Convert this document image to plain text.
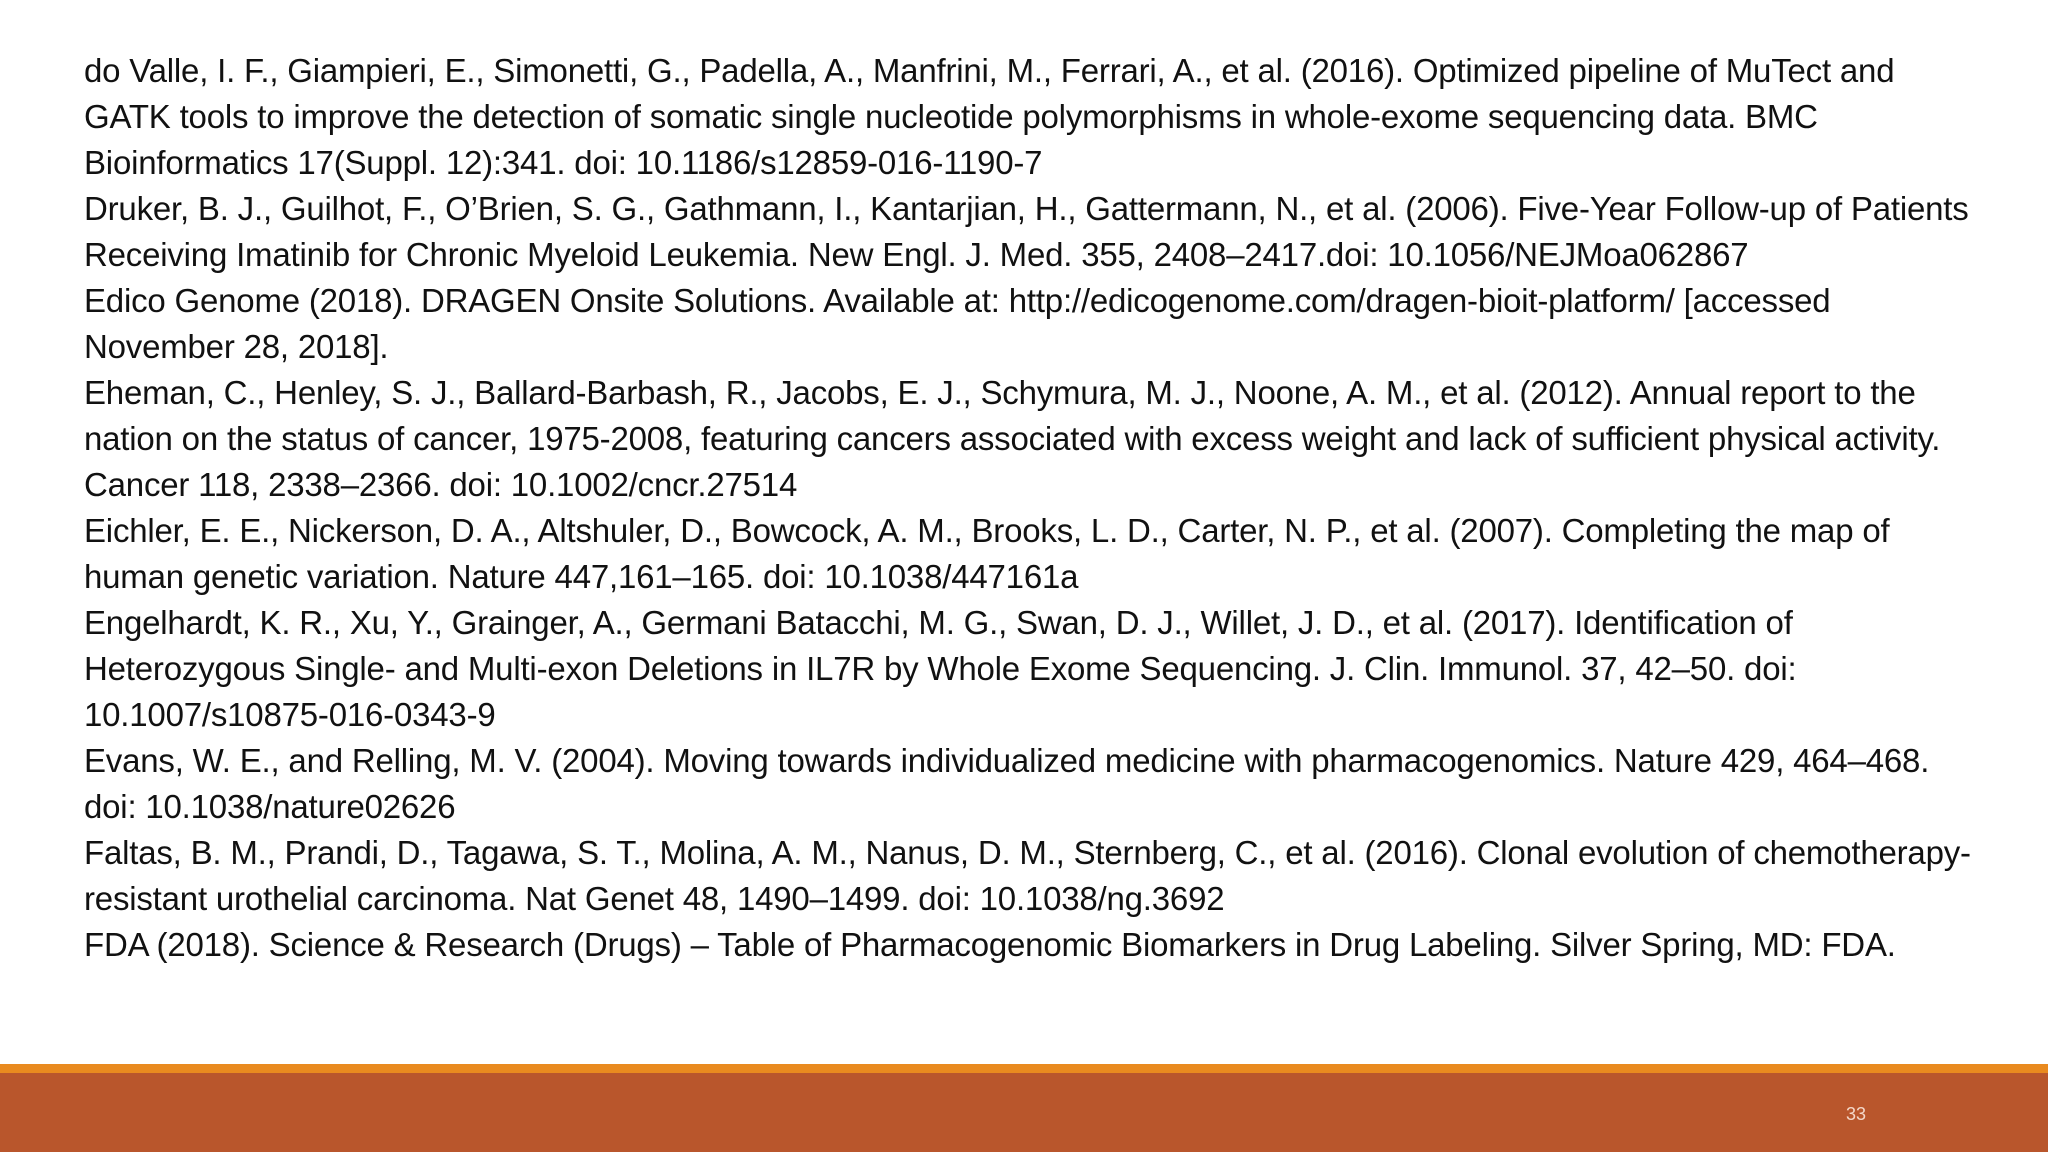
do Valle, I. F., Giampieri, E., Simonetti, G., Padella, A., Manfrini, M., Ferrari, A., et al. (2016). Optimized pipeline of MuTect and GATK tools to improve the detection of somatic single nucleotide polymorphisms in whole-exome sequencing data. BMC Bioinformatics 17(Suppl. 12):341. doi: 10.1186/s12859-016-1190-7
Druker, B. J., Guilhot, F., O’Brien, S. G., Gathmann, I., Kantarjian, H., Gattermann, N., et al. (2006). Five-Year Follow-up of Patients Receiving Imatinib for Chronic Myeloid Leukemia. New Engl. J. Med. 355, 2408–2417.doi: 10.1056/NEJMoa062867
Edico Genome (2018). DRAGEN Onsite Solutions. Available at: http://edicogenome.com/dragen-bioit-platform/ [accessed November 28, 2018].
Eheman, C., Henley, S. J., Ballard-Barbash, R., Jacobs, E. J., Schymura, M. J., Noone, A. M., et al. (2012). Annual report to the nation on the status of cancer, 1975-2008, featuring cancers associated with excess weight and lack of sufficient physical activity. Cancer 118, 2338–2366. doi: 10.1002/cncr.27514
Eichler, E. E., Nickerson, D. A., Altshuler, D., Bowcock, A. M., Brooks, L. D., Carter, N. P., et al. (2007). Completing the map of human genetic variation. Nature 447,161–165. doi: 10.1038/447161a
Engelhardt, K. R., Xu, Y., Grainger, A., Germani Batacchi, M. G., Swan, D. J., Willet, J. D., et al. (2017). Identification of Heterozygous Single- and Multi-exon Deletions in IL7R by Whole Exome Sequencing. J. Clin. Immunol. 37, 42–50. doi: 10.1007/s10875-016-0343-9
Evans, W. E., and Relling, M. V. (2004). Moving towards individualized medicine with pharmacogenomics. Nature 429, 464–468. doi: 10.1038/nature02626
Faltas, B. M., Prandi, D., Tagawa, S. T., Molina, A. M., Nanus, D. M., Sternberg, C., et al. (2016). Clonal evolution of chemotherapy-resistant urothelial carcinoma. Nat Genet 48, 1490–1499. doi: 10.1038/ng.3692
FDA (2018). Science & Research (Drugs) – Table of Pharmacogenomic Biomarkers in Drug Labeling. Silver Spring, MD: FDA.
33
